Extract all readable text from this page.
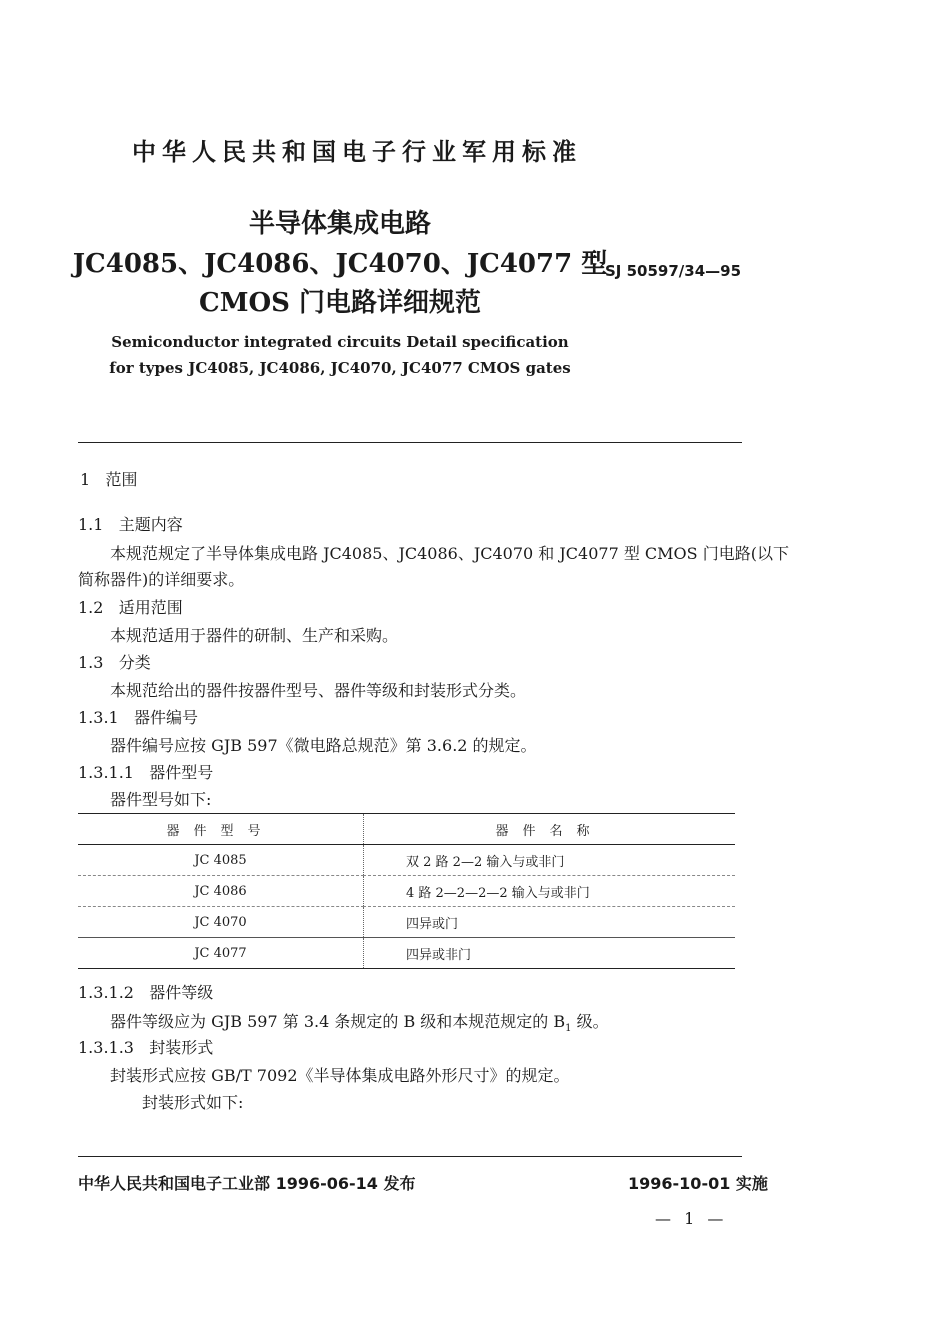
中华人民共和国电子行业军用标准
半导体集成电路
JC4085、JC4086、JC4070、JC4077 型
CMOS 门电路详细规范
SJ 50597/34—95
Semiconductor integrated circuits Detail specification
for types JC4085, JC4086, JC4070, JC4077 CMOS gates
1 范围
1.1 主题内容
本规范规定了半导体集成电路 JC4085、JC4086、JC4070 和 JC4077 型 CMOS 门电路(以下
简称器件)的详细要求。
1.2 适用范围
本规范适用于器件的研制、生产和采购。
1.3 分类
本规范给出的器件按器件型号、器件等级和封装形式分类。
1.3.1 器件编号
器件编号应按 GJB 597《微电路总规范》第 3.6.2 的规定。
1.3.1.1 器件型号
器件型号如下:
器件型号	器件名称
JC 4085	双 2 路 2—2 输入与或非门
JC 4086	4 路 2—2—2—2 输入与或非门
JC 4070	四异或门
JC 4077	四异或非门
1.3.1.2 器件等级
器件等级应为 GJB 597 第 3.4 条规定的 B 级和本规范规定的 $B_1$ 级。
1.3.1.3 封装形式
封装形式应按 GB/T 7092《半导体集成电路外形尺寸》的规定。
封装形式如下:
中华人民共和国电子工业部 1996-06-14 发布	1996-10-01 实施
— 1 —
